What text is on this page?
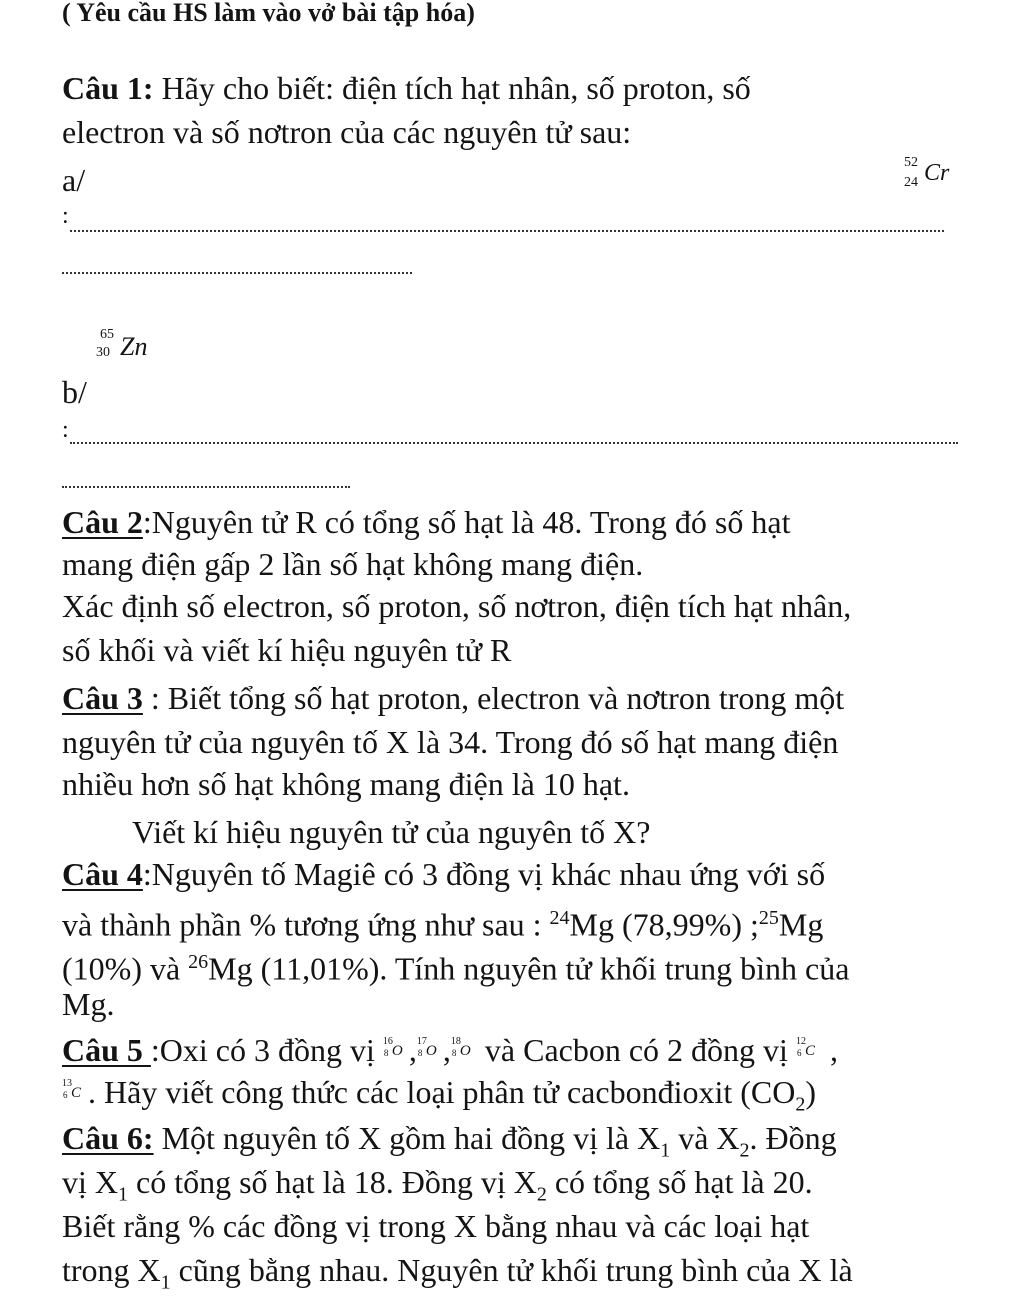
( Yêu cầu HS làm vào vở bài tập hóa)
Câu 1: Hãy cho biết: điện tích hạt nhân, số proton, số
electron và số nơtron của các nguyên tử sau:
a/	52
24 Cr
:
65
30 Zn
b/
:
Câu 2:Nguyên tử R có tổng số hạt là 48. Trong đó số hạt
mang điện gấp 2 lần số hạt không mang điện.
Xác định số electron, số proton, số nơtron, điện tích hạt nhân,
số khối và viết kí hiệu nguyên tử R
Câu 3 : Biết tổng số hạt proton, electron và nơtron trong một
nguyên tử của nguyên tố X là 34. Trong đó số hạt mang điện
nhiều hơn số hạt không mang điện là 10 hạt.
Viết kí hiệu nguyên tử của nguyên tố X?
Câu 4:Nguyên tố Magiê có 3 đồng vị khác nhau ứng với số
và thành phần % tương ứng như sau : $^{24}$Mg (78,99%) ;$^{25}$Mg
(10%) và $^{26}$Mg (11,01%). Tính nguyên tử khối trung bình của
Mg.
Câu 5 :Oxi có 3 đồng vị 16
8 O , 17
8 O , 18
8 O và Cacbon có 2 đồng vị 12
6 C ,
13
6 C . Hãy viết công thức các loại phân tử cacbonđioxit $(CO_2)$
Câu 6: Một nguyên tố X gồm hai đồng vị là $X_1$ và $X_2$. Đồng
vị $X_1$ có tổng số hạt là 18. Đồng vị $X_2$ có tổng số hạt là 20.
Biết rằng % các đồng vị trong X bằng nhau và các loại hạt
trong $X_1$ cũng bằng nhau. Nguyên tử khối trung bình của X là
